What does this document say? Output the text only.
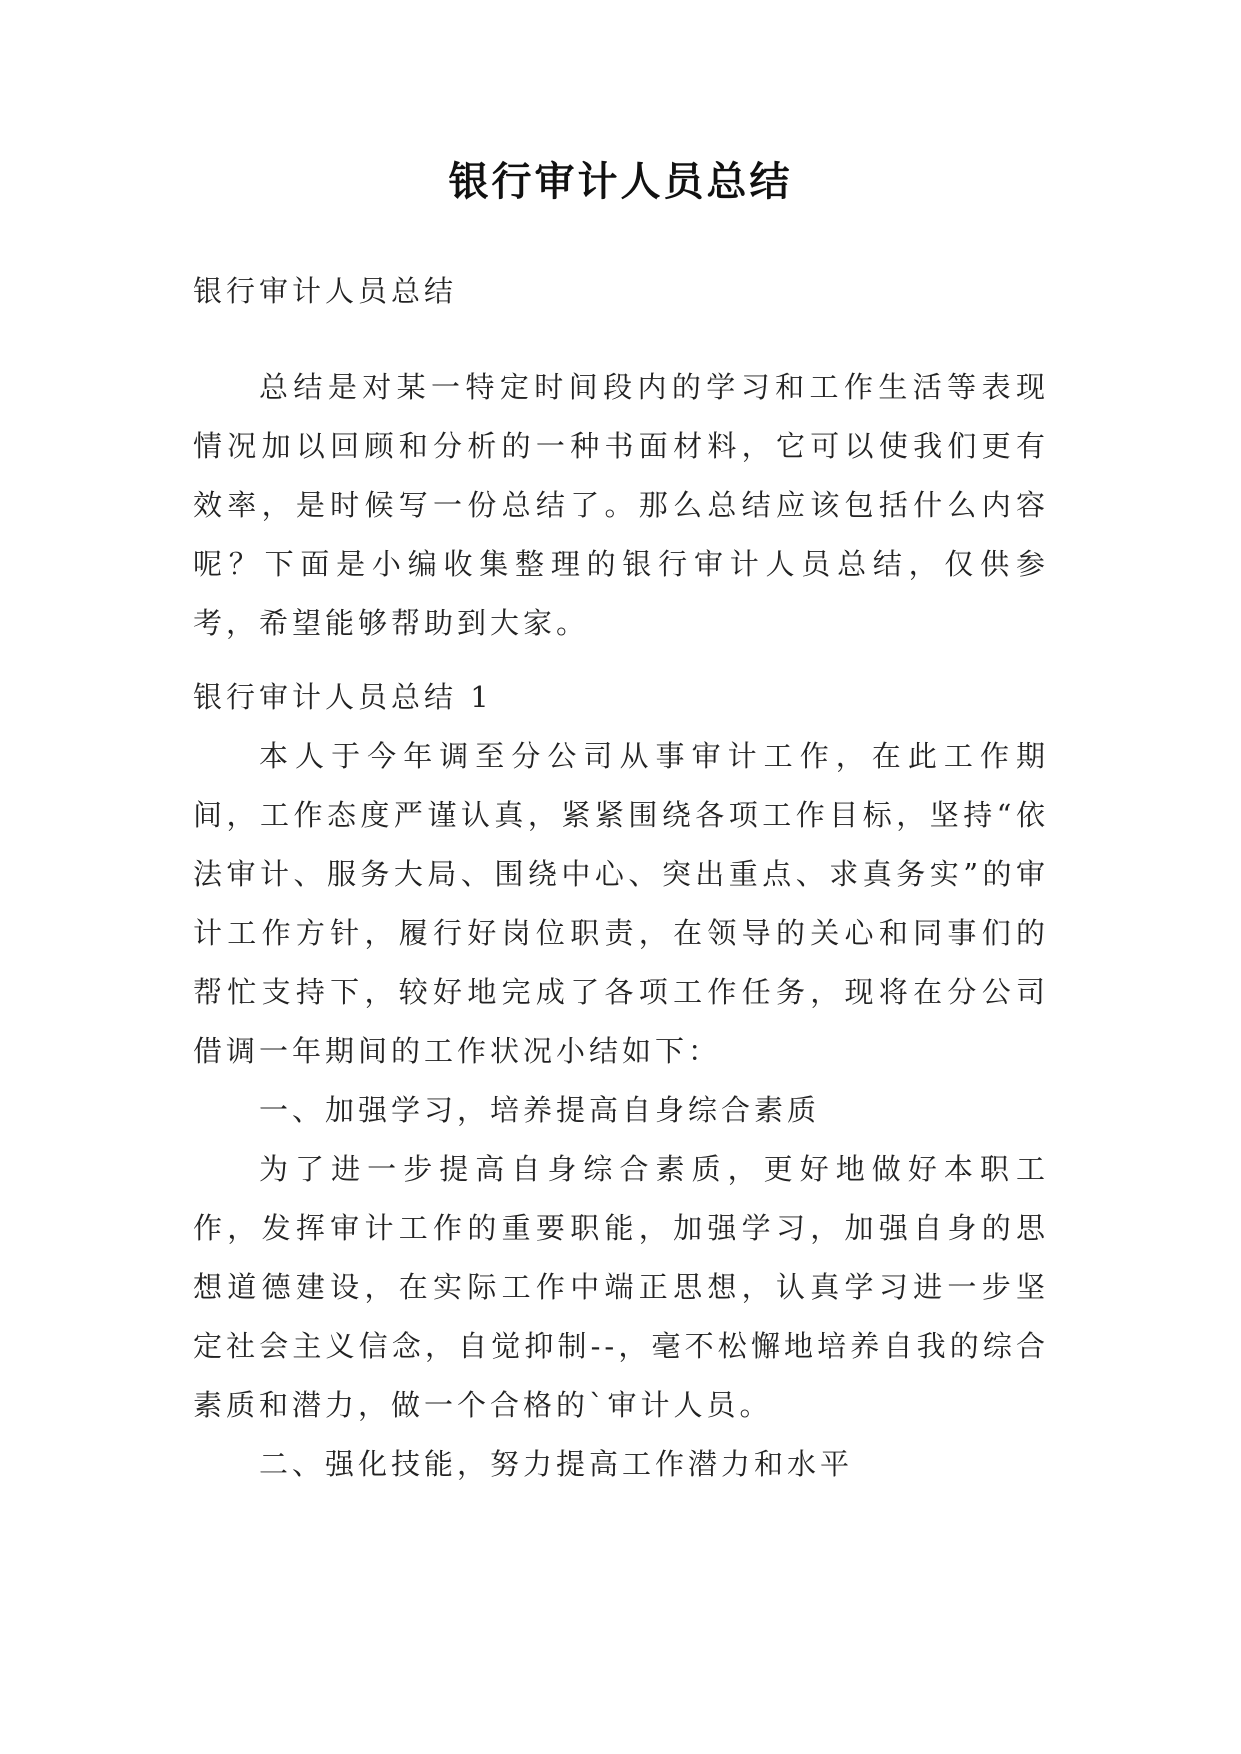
银行审计人员总结

银行审计人员总结

总结是对某一特定时间段内的学习和工作生活等表现情况加以回顾和分析的一种书面材料，它可以使我们更有效率，是时候写一份总结了。那么总结应该包括什么内容呢？下面是小编收集整理的银行审计人员总结，仅供参考，希望能够帮助到大家。

银行审计人员总结 1

本人于今年调至分公司从事审计工作，在此工作期间，工作态度严谨认真，紧紧围绕各项工作目标，坚持“依法审计、服务大局、围绕中心、突出重点、求真务实”的审计工作方针，履行好岗位职责，在领导的关心和同事们的帮忙支持下，较好地完成了各项工作任务，现将在分公司借调一年期间的工作状况小结如下：

一、加强学习，培养提高自身综合素质

为了进一步提高自身综合素质，更好地做好本职工作，发挥审计工作的重要职能，加强学习，加强自身的思想道德建设，在实际工作中端正思想，认真学习进一步坚定社会主义信念，自觉抑制--，毫不松懈地培养自我的综合素质和潜力，做一个合格的`审计人员。

二、强化技能，努力提高工作潜力和水平
